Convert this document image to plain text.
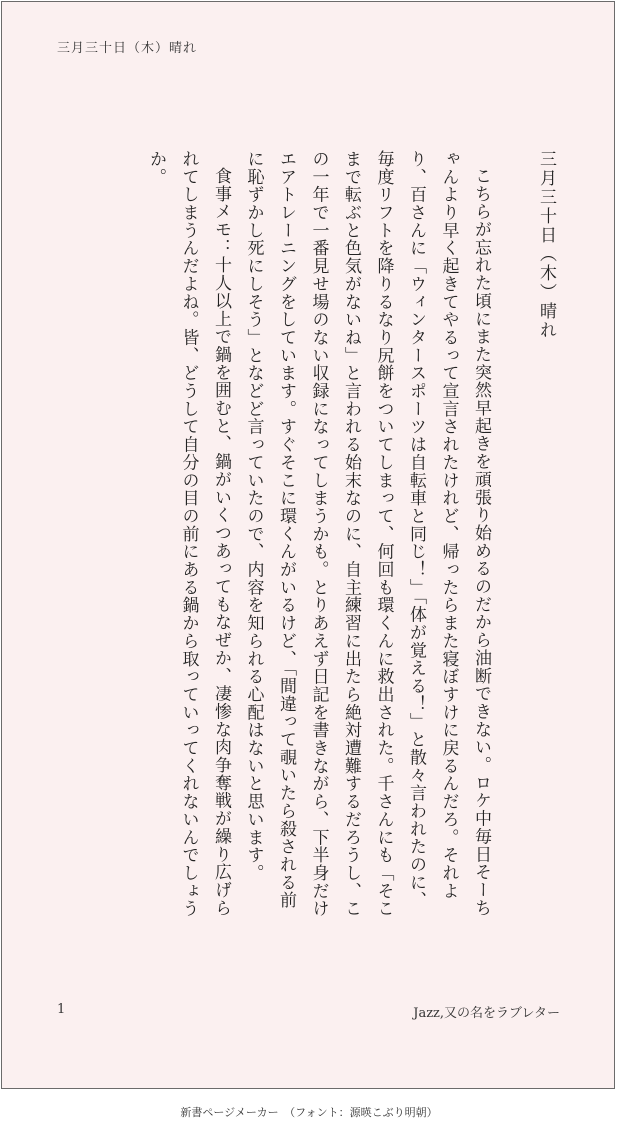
三月三十日（木）晴れ

三月三十日（木）晴れ

こちらが忘れた頃にまた突然早起きを頑張り始めるのだから油断できない。ロケ中毎日そーちゃんより早く起きてやるって宣言されたけれど、帰ったらまた寝ぼすけに戻るんだろ。それより、百さんに「ウィンタースポーツは自転車と同じ！」「体が覚える！」と散々言われたのに、毎度リフトを降りるなり尻餅をついてしまって、何回も環くんに救出された。千さんにも「そこまで転ぶと色気がないね」と言われる始末なのに、自主練習に出たら絶対遭難するだろうし、この一年で一番見せ場のない収録になってしまうかも。とりあえず日記を書きながら、下半身だけエアトレーニングをしています。すぐそこに環くんがいるけど、「間違って覗いたら殺される前に恥ずかし死にしそう」となどど言っていたので、内容を知られる心配はないと思います。

食事メモ：十人以上で鍋を囲むと、鍋がいくつあってもなぜか、凄惨な肉争奪戦が繰り広げられてしまうんだよね。皆、どうして自分の目の前にある鍋から取っていってくれないんでしょうか。

1	Jazz,又の名をラブレター
新書ページメーカー　（フォント：源暎こぶり明朝）
